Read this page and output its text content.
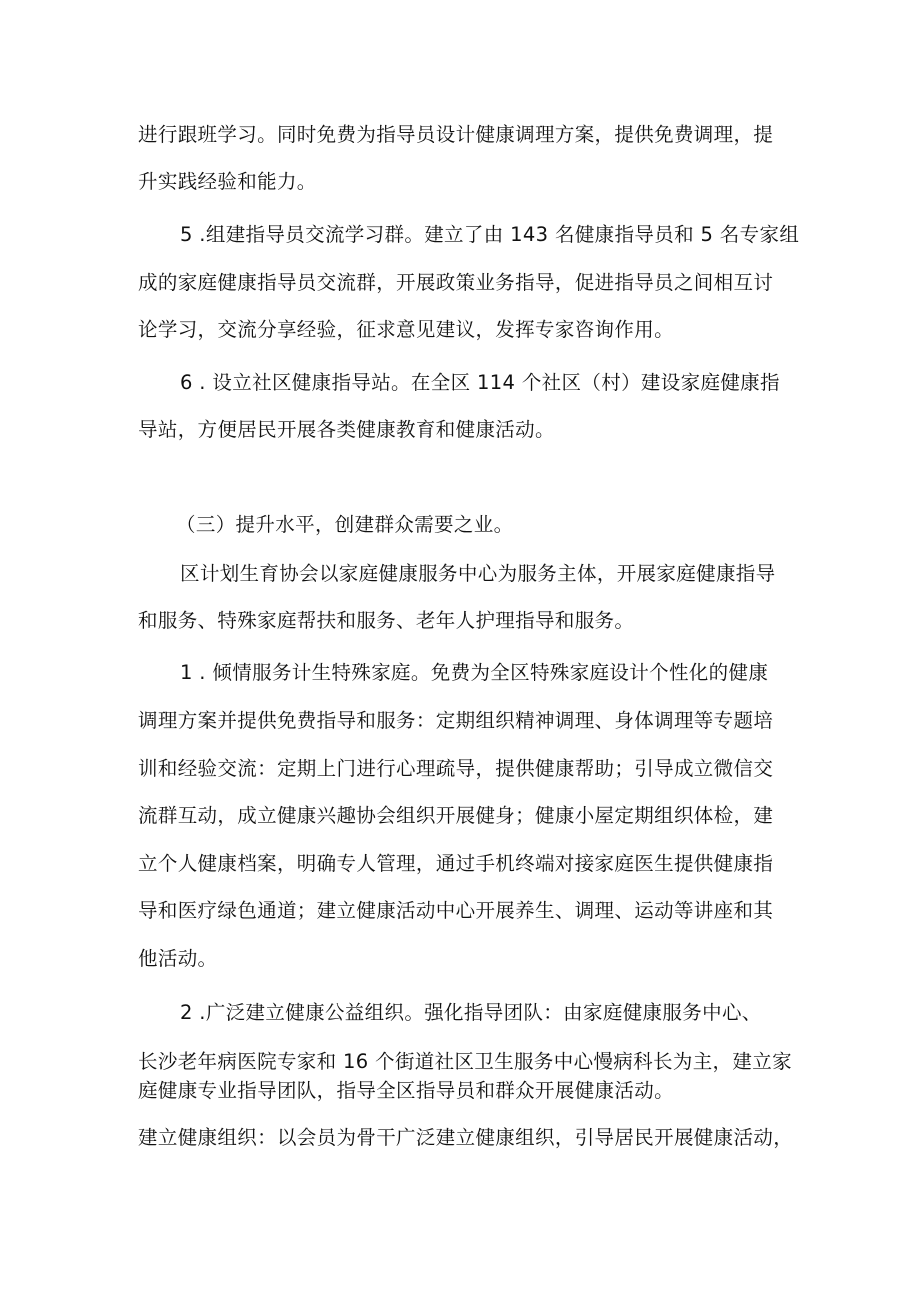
进行跟班学习。同时免费为指导员设计健康调理方案，提供免费调理，提
升实践经验和能力。
5 .组建指导员交流学习群。建立了由 143 名健康指导员和 5 名专家组
成的家庭健康指导员交流群，开展政策业务指导，促进指导员之间相互讨
论学习，交流分享经验，征求意见建议，发挥专家咨询作用。
6 . 设立社区健康指导站。在全区 114 个社区（村）建设家庭健康指
导站，方便居民开展各类健康教育和健康活动。
（三）提升水平，创建群众需要之业。
区计划生育协会以家庭健康服务中心为服务主体，开展家庭健康指导
和服务、特殊家庭帮扶和服务、老年人护理指导和服务。
1 . 倾情服务计生特殊家庭。免费为全区特殊家庭设计个性化的健康
调理方案并提供免费指导和服务：定期组织精神调理、身体调理等专题培
训和经验交流：定期上门进行心理疏导，提供健康帮助；引导成立微信交
流群互动，成立健康兴趣协会组织开展健身；健康小屋定期组织体检，建
立个人健康档案，明确专人管理，通过手机终端对接家庭医生提供健康指
导和医疗绿色通道；建立健康活动中心开展养生、调理、运动等讲座和其
他活动。
2 .广泛建立健康公益组织。强化指导团队：由家庭健康服务中心、
长沙老年病医院专家和 16 个街道社区卫生服务中心慢病科长为主，建立家
庭健康专业指导团队，指导全区指导员和群众开展健康活动。
建立健康组织：以会员为骨干广泛建立健康组织，引导居民开展健康活动，
